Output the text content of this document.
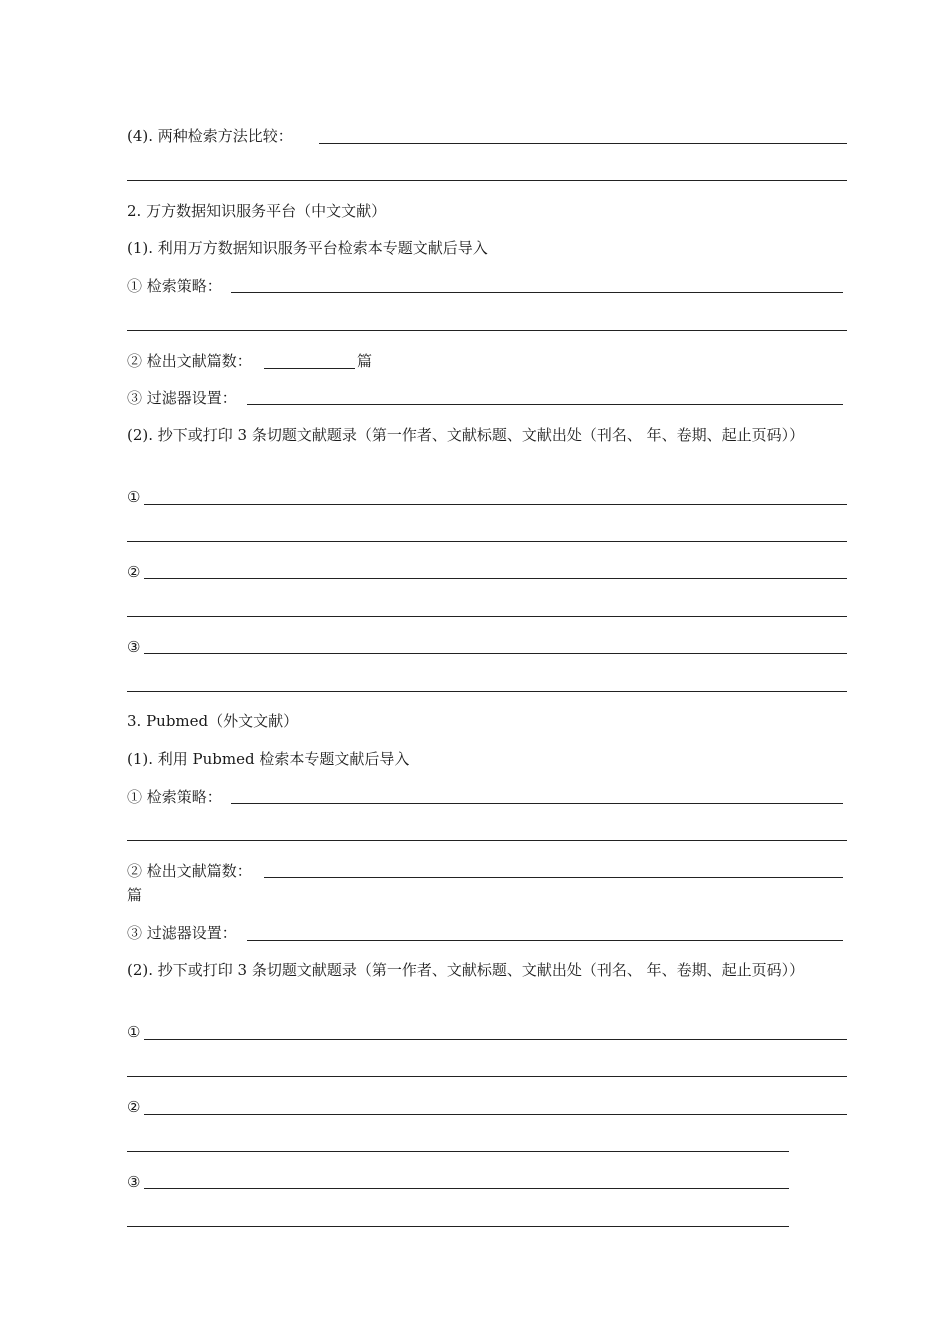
(4). 两种检索方法比较：
2. 万方数据知识服务平台（中文文献）
(1). 利用万方数据知识服务平台检索本专题文献后导入
① 检索策略：
② 检出文献篇数：	篇
③ 过滤器设置：
(2). 抄下或打印 3 条切题文献题录（第一作者、文献标题、文献出处（刊名、 年、卷期、起止页码））
①
②
③
3. Pubmed（外文文献）
(1). 利用 Pubmed 检索本专题文献后导入
① 检索策略：
② 检出文献篇数：
篇
③ 过滤器设置：
(2). 抄下或打印 3 条切题文献题录（第一作者、文献标题、文献出处（刊名、 年、卷期、起止页码））
①
②
③
